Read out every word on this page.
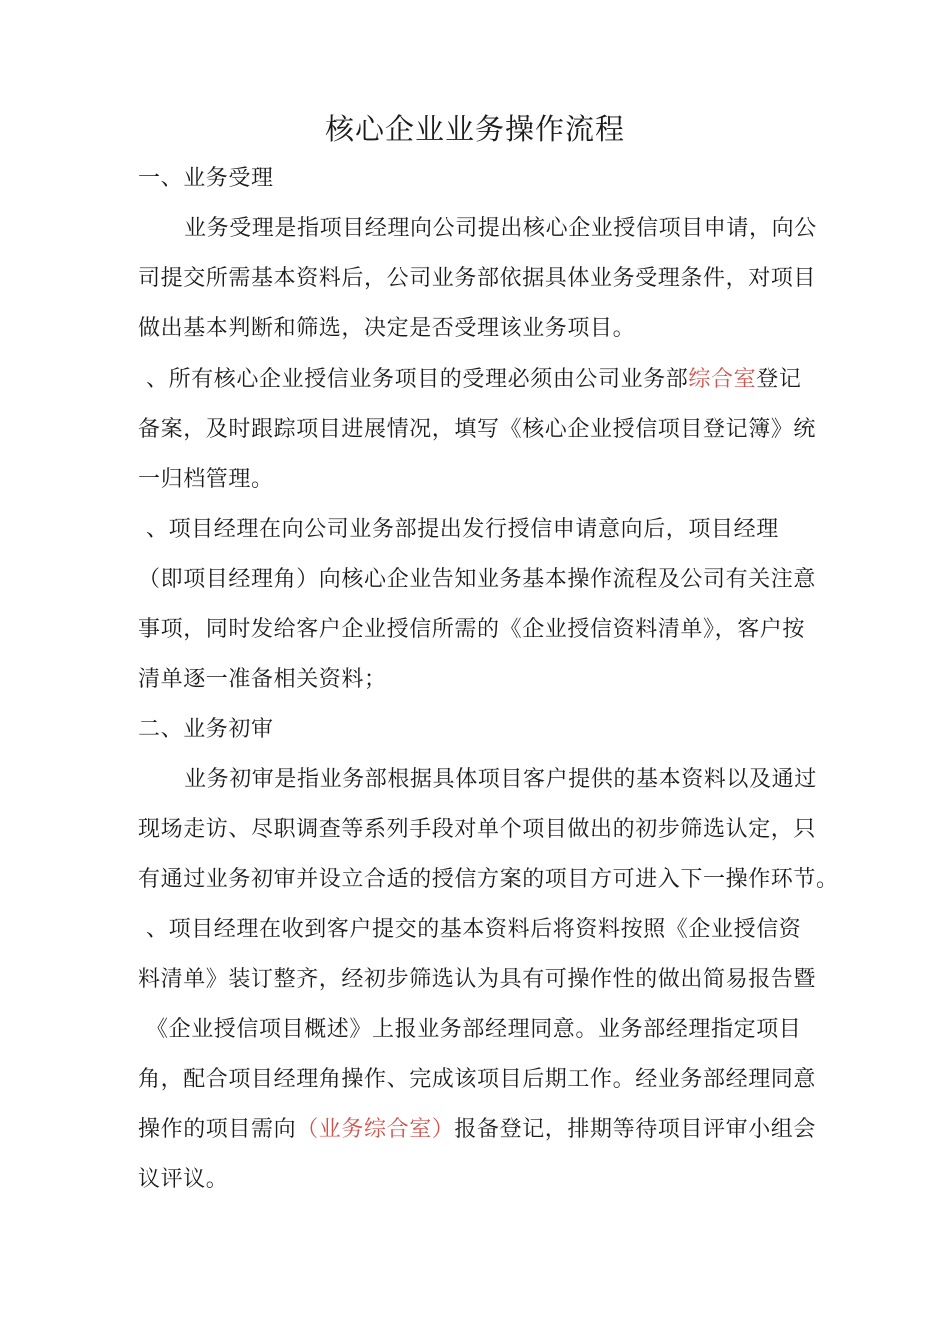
核心企业业务操作流程
一、业务受理
业务受理是指项目经理向公司提出核心企业授信项目申请，向公
司提交所需基本资料后，公司业务部依据具体业务受理条件，对项目
做出基本判断和筛选，决定是否受理该业务项目。
、所有核心企业授信业务项目的受理必须由公司业务部综合室登记
备案，及时跟踪项目进展情况，填写《核心企业授信项目登记簿》统
一归档管理。
、项目经理在向公司业务部提出发行授信申请意向后，项目经理
（即项目经理角）向核心企业告知业务基本操作流程及公司有关注意
事项，同时发给客户企业授信所需的《企业授信资料清单》，客户按
清单逐一准备相关资料；
二、业务初审
业务初审是指业务部根据具体项目客户提供的基本资料以及通过
现场走访、尽职调查等系列手段对单个项目做出的初步筛选认定，只
有通过业务初审并设立合适的授信方案的项目方可进入下一操作环节。
、项目经理在收到客户提交的基本资料后将资料按照《企业授信资
料清单》装订整齐，经初步筛选认为具有可操作性的做出简易报告暨
《企业授信项目概述》上报业务部经理同意。业务部经理指定项目
角，配合项目经理角操作、完成该项目后期工作。经业务部经理同意
操作的项目需向（业务综合室）报备登记，排期等待项目评审小组会
议评议。
